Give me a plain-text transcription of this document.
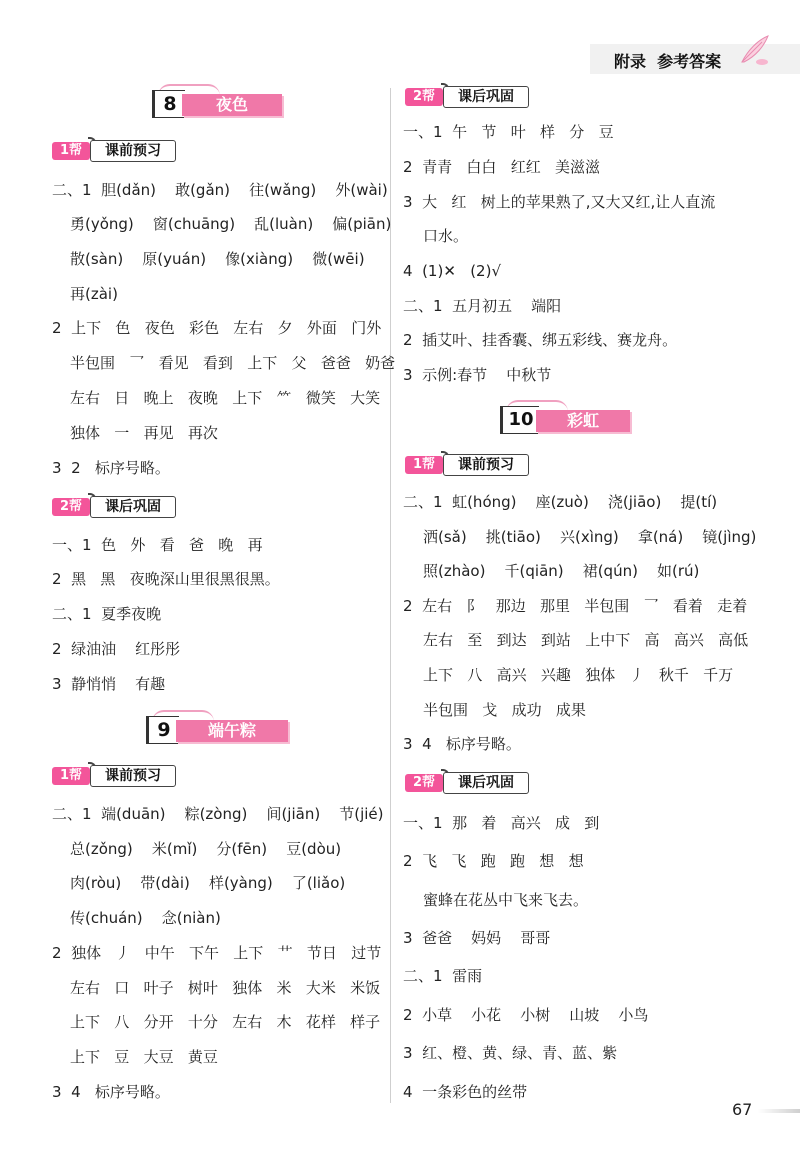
附录  参考答案
8	夜色
1帮	课前预习
二、1  胆(dǎn)    敢(gǎn)    往(wǎng)    外(wài)
勇(yǒng)    窗(chuāng)    乱(luàn)    偏(piān)
散(sàn)    原(yuán)    像(xiàng)    微(wēi)
再(zài)
2  上下   色   夜色   彩色   左右   夕   外面   门外
半包围   乛   看见   看到   上下   父   爸爸   奶爸
左右   日   晚上   夜晚   上下   ⺮   微笑   大笑
独体   一   再见   再次
3  2   标序号略。
2帮	课后巩固
一、1  色   外   看   爸   晚   再
2  黑   黑   夜晚深山里很黑很黑。
二、1  夏季夜晚
2  绿油油    红彤彤
3  静悄悄    有趣
9	端午粽
1帮	课前预习
二、1  端(duān)    粽(zòng)    间(jiān)    节(jié)
总(zǒng)    米(mǐ)    分(fēn)    豆(dòu)
肉(ròu)    带(dài)    样(yàng)    了(liǎo)
传(chuán)    念(niàn)
2  独体   丿   中午   下午   上下   艹   节日   过节
左右   口   叶子   树叶   独体   米   大米   米饭
上下   八   分开   十分   左右   木   花样   样子
上下   豆   大豆   黄豆
3  4   标序号略。
2帮	课后巩固
一、1  午   节   叶   样   分   豆
2  青青   白白   红红   美滋滋
3  大   红   树上的苹果熟了,又大又红,让人直流
口水。
4  (1)✕   (2)√
二、1  五月初五    端阳
2  插艾叶、挂香囊、绑五彩线、赛龙舟。
3  示例:春节    中秋节
10	彩虹
1帮	课前预习
二、1  虹(hóng)    座(zuò)    浇(jiāo)    提(tí)
洒(sǎ)    挑(tiāo)    兴(xìng)    拿(ná)    镜(jìng)
照(zhào)    千(qiān)    裙(qún)    如(rú)
2  左右   阝   那边   那里   半包围   乛   看着   走着
左右   至   到达   到站   上中下   高   高兴   高低
上下   八   高兴   兴趣   独体   丿   秋千   千万
半包围   戈   成功   成果
3  4   标序号略。
2帮	课后巩固
一、1  那   着   高兴   成   到
2  飞   飞   跑   跑   想   想
蜜蜂在花丛中飞来飞去。
3  爸爸    妈妈    哥哥
二、1  雷雨
2  小草    小花    小树    山坡    小鸟
3  红、橙、黄、绿、青、蓝、紫
4  一条彩色的丝带
67
